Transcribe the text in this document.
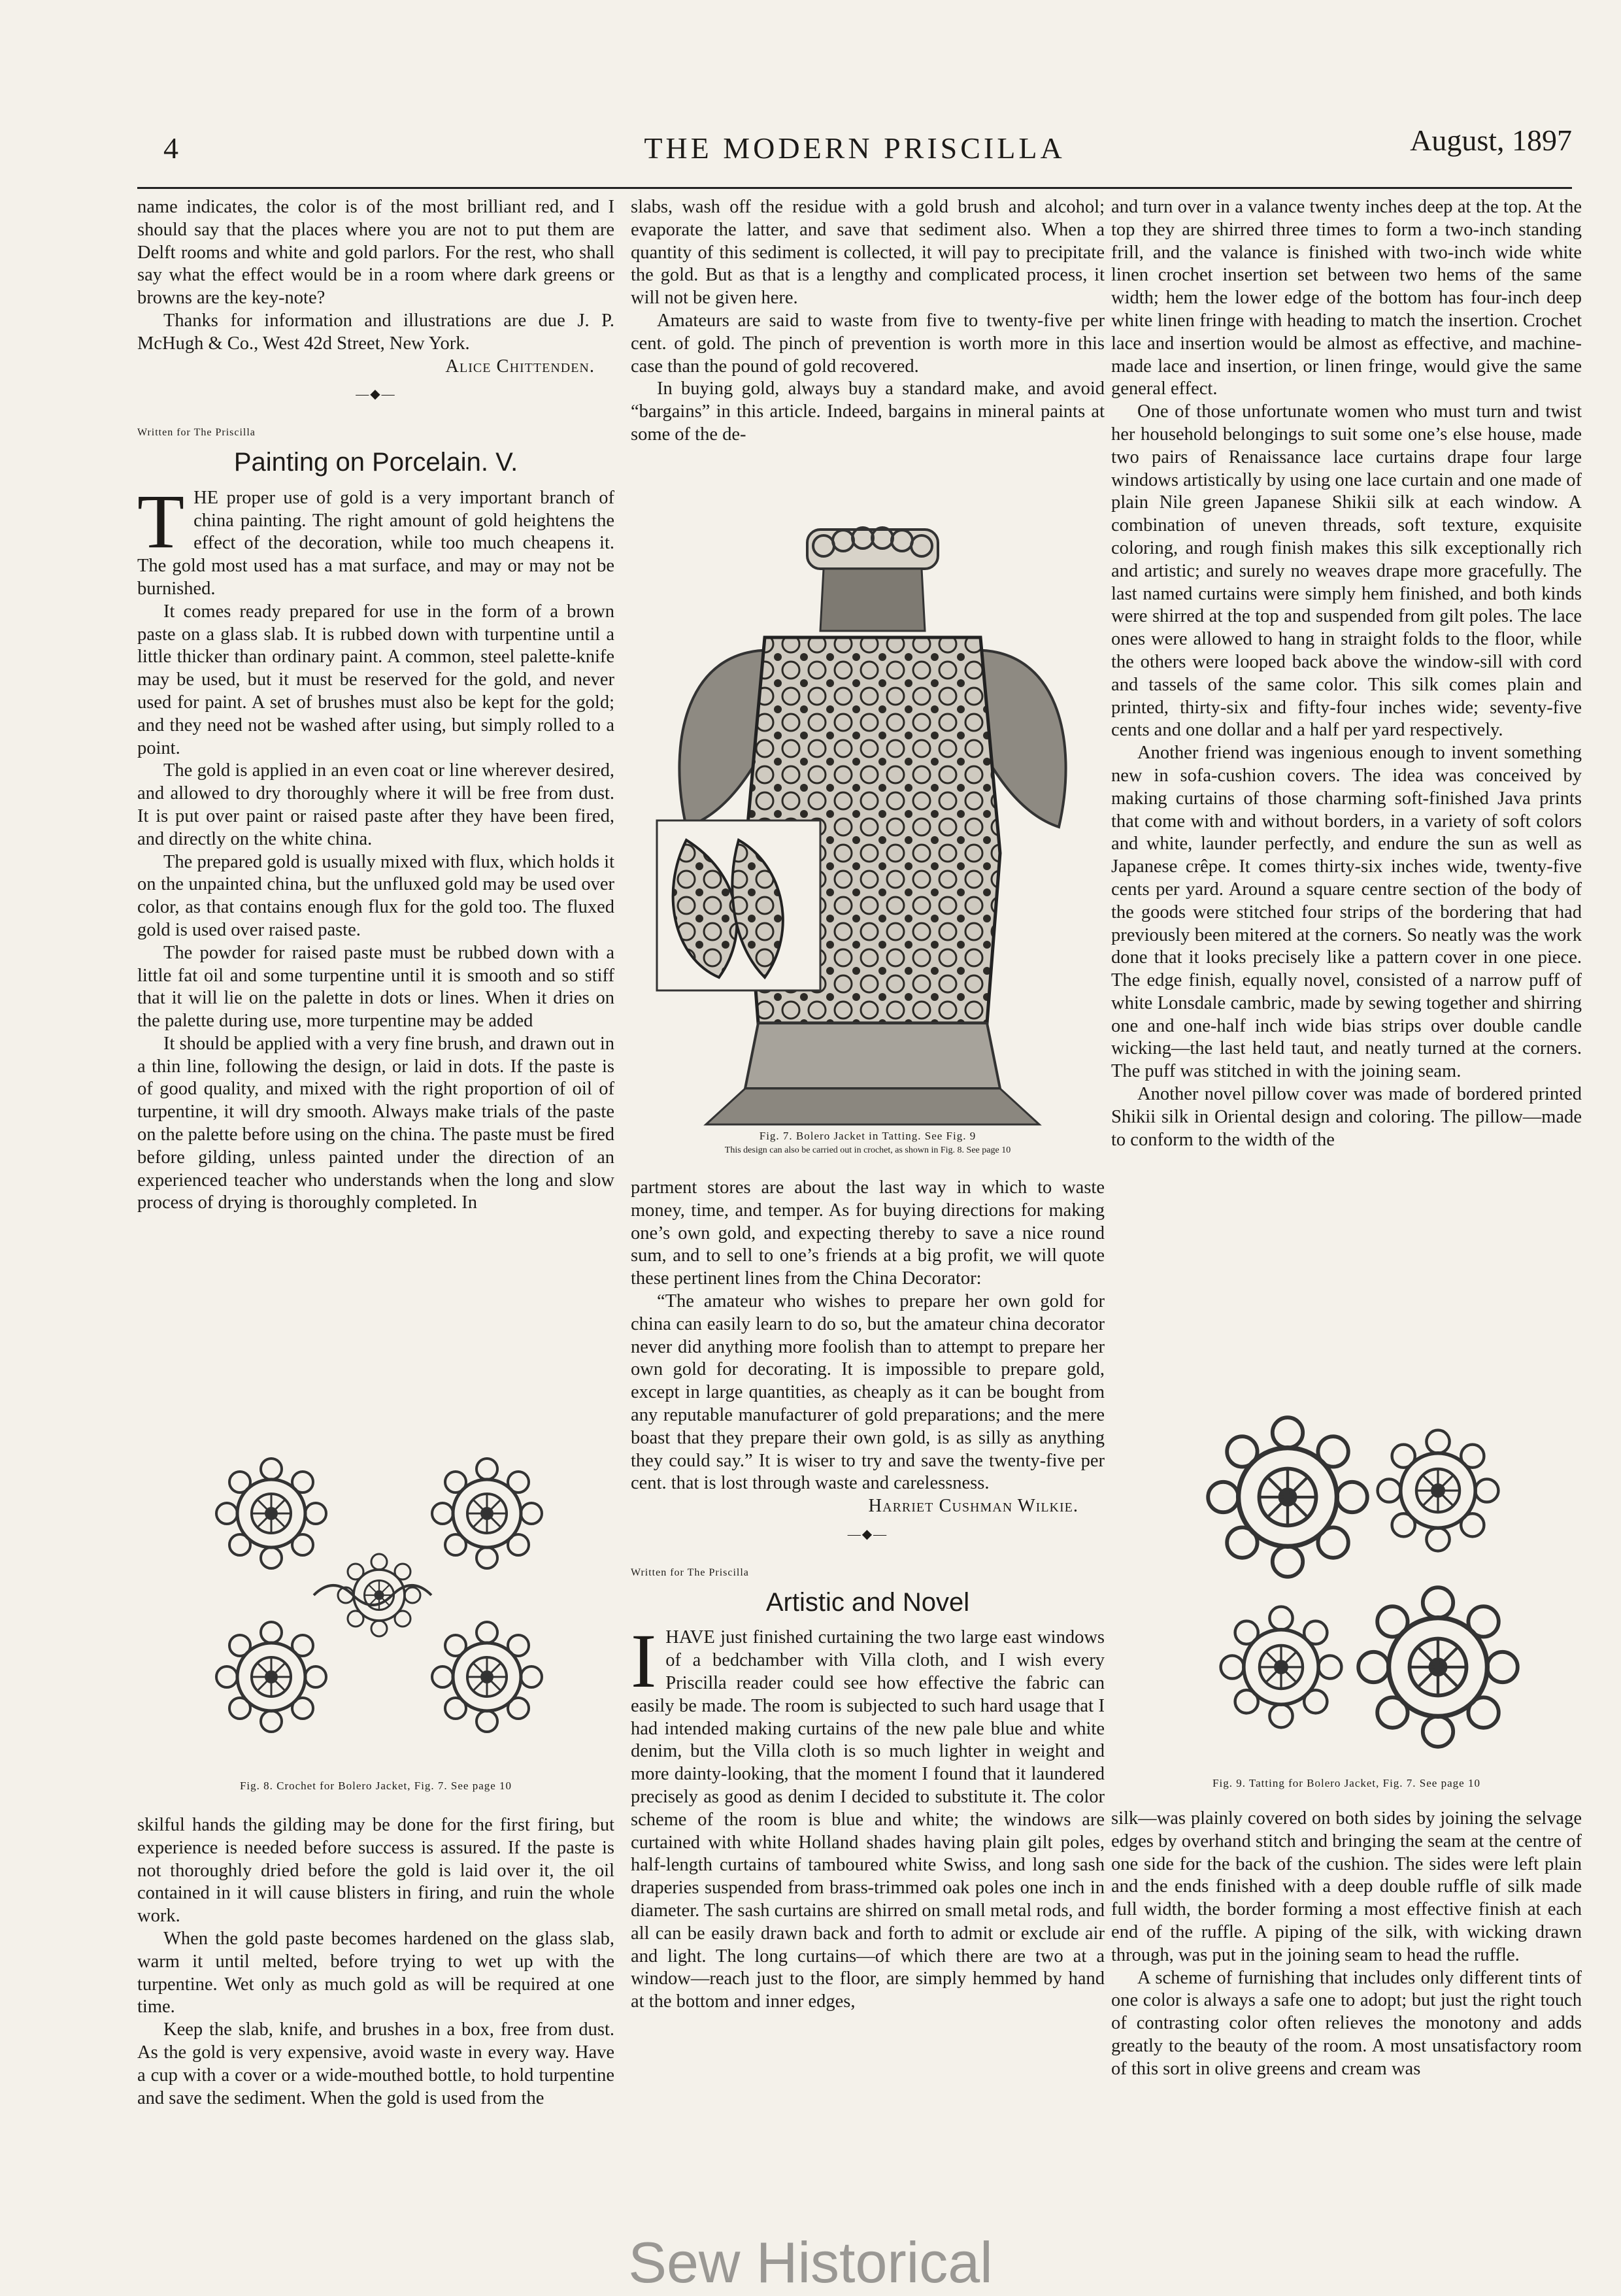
4	THE MODERN PRISCILLA	August, 1897

name indicates, the color is of the most brilliant red, and I should say that the places where you are not to put them are Delft rooms and white and gold parlors. For the rest, who shall say what the effect would be in a room where dark greens or browns are the key-note?

Thanks for information and illustrations are due J. P. McHugh & Co., West 42d Street, New York.

Alice Chittenden.
—◆—
Written for The Priscilla
Painting on Porcelain. V.
T HE proper use of gold is a very important branch of china painting. The right amount of gold heightens the effect of the decoration, while too much cheapens it. The gold most used has a mat surface, and may or may not be burnished.

It comes ready prepared for use in the form of a brown paste on a glass slab. It is rubbed down with turpentine until a little thicker than ordinary paint. A common, steel palette-knife may be used, but it must be reserved for the gold, and never used for paint. A set of brushes must also be kept for the gold; and they need not be washed after using, but simply rolled to a point.

The gold is applied in an even coat or line wherever desired, and allowed to dry thoroughly where it will be free from dust. It is put over paint or raised paste after they have been fired, and directly on the white china.

The prepared gold is usually mixed with flux, which holds it on the unpainted china, but the unfluxed gold may be used over color, as that contains enough flux for the gold too. The fluxed gold is used over raised paste.

The powder for raised paste must be rubbed down with a little fat oil and some turpentine until it is smooth and so stiff that it will lie on the palette in dots or lines. When it dries on the palette during use, more turpentine may be added

It should be applied with a very fine brush, and drawn out in a thin line, following the design, or laid in dots. If the paste is of good quality, and mixed with the right proportion of oil of turpentine, it will dry smooth. Always make trials of the paste on the palette before using on the china. The paste must be fired before gilding, unless painted under the direction of an experienced teacher who understands when the long and slow process of drying is thoroughly completed. In

Fig. 8. Crochet for Bolero Jacket, Fig. 7. See page 10

skilful hands the gilding may be done for the first firing, but experience is needed before success is assured. If the paste is not thoroughly dried before the gold is laid over it, the oil contained in it will cause blisters in firing, and ruin the whole work.

When the gold paste becomes hardened on the glass slab, warm it until melted, before trying to wet up with the turpentine. Wet only as much gold as will be required at one time.

Keep the slab, knife, and brushes in a box, free from dust. As the gold is very expensive, avoid waste in every way. Have a cup with a cover or a wide-mouthed bottle, to hold turpentine and save the sediment. When the gold is used from the

slabs, wash off the residue with a gold brush and alcohol; evaporate the latter, and save that sediment also. When a quantity of this sediment is collected, it will pay to precipitate the gold. But as that is a lengthy and complicated process, it will not be given here.

Amateurs are said to waste from five to twenty-five per cent. of gold. The pinch of prevention is worth more in this case than the pound of gold recovered.

In buying gold, always buy a standard make, and avoid “bargains” in this article. Indeed, bargains in mineral paints at some of the de-

Fig. 7. Bolero Jacket in Tatting. See Fig. 9
This design can also be carried out in crochet, as shown in Fig. 8. See page 10

partment stores are about the last way in which to waste money, time, and temper. As for buying directions for making one’s own gold, and expecting thereby to save a nice round sum, and to sell to one’s friends at a big profit, we will quote these pertinent lines from the China Decorator:

“The amateur who wishes to prepare her own gold for china can easily learn to do so, but the amateur china decorator never did anything more foolish than to attempt to prepare her own gold for decorating. It is impossible to prepare gold, except in large quantities, as cheaply as it can be bought from any reputable manufacturer of gold preparations; and the mere boast that they prepare their own gold, is as silly as anything they could say.” It is wiser to try and save the twenty-five per cent. that is lost through waste and carelessness.

Harriet Cushman Wilkie.
—◆—
Written for The Priscilla
Artistic and Novel
I HAVE just finished curtaining the two large east windows of a bedchamber with Villa cloth, and I wish every Priscilla reader could see how effective the fabric can easily be made. The room is subjected to such hard usage that I had intended making curtains of the new pale blue and white denim, but the Villa cloth is so much lighter in weight and more dainty-looking, that the moment I found that it laundered precisely as good as denim I decided to substitute it. The color scheme of the room is blue and white; the windows are curtained with white Holland shades having plain gilt poles, half-length curtains of tamboured white Swiss, and long sash draperies suspended from brass-trimmed oak poles one inch in diameter. The sash curtains are shirred on small metal rods, and all can be easily drawn back and forth to admit or exclude air and light. The long curtains—of which there are two at a window—reach just to the floor, are simply hemmed by hand at the bottom and inner edges,

and turn over in a valance twenty inches deep at the top. At the top they are shirred three times to form a two-inch standing frill, and the valance is finished with two-inch wide white linen crochet insertion set between two hems of the same width; hem the lower edge of the bottom has four-inch deep white linen fringe with heading to match the insertion. Crochet lace and insertion would be almost as effective, and machine-made lace and insertion, or linen fringe, would give the same general effect.

One of those unfortunate women who must turn and twist her household belongings to suit some one’s else house, made two pairs of Renaissance lace curtains drape four large windows artistically by using one lace curtain and one made of plain Nile green Japanese Shikii silk at each window. A combination of uneven threads, soft texture, exquisite coloring, and rough finish makes this silk exceptionally rich and artistic; and surely no weaves drape more gracefully. The last named curtains were simply hem finished, and both kinds were shirred at the top and suspended from gilt poles. The lace ones were allowed to hang in straight folds to the floor, while the others were looped back above the window-sill with cord and tassels of the same color. This silk comes plain and printed, thirty-six and fifty-four inches wide; seventy-five cents and one dollar and a half per yard respectively.

Another friend was ingenious enough to invent something new in sofa-cushion covers. The idea was conceived by making curtains of those charming soft-finished Java prints that come with and without borders, in a variety of soft colors and white, launder perfectly, and endure the sun as well as Japanese crêpe. It comes thirty-six inches wide, twenty-five cents per yard. Around a square centre section of the body of the goods were stitched four strips of the bordering that had previously been mitered at the corners. So neatly was the work done that it looks precisely like a pattern cover in one piece. The edge finish, equally novel, consisted of a narrow puff of white Lonsdale cambric, made by sewing together and shirring one and one-half inch wide bias strips over double candle wicking—the last held taut, and neatly turned at the corners. The puff was stitched in with the joining seam.

Another novel pillow cover was made of bordered printed Shikii silk in Oriental design and coloring. The pillow—made to conform to the width of the

Fig. 9. Tatting for Bolero Jacket, Fig. 7. See page 10

silk—was plainly covered on both sides by joining the selvage edges by overhand stitch and bringing the seam at the centre of one side for the back of the cushion. The sides were left plain and the ends finished with a deep double ruffle of silk made full width, the border forming a most effective finish at each end of the ruffle. A piping of the silk, with wicking drawn through, was put in the joining seam to head the ruffle.

A scheme of furnishing that includes only different tints of one color is always a safe one to adopt; but just the right touch of contrasting color often relieves the monotony and adds greatly to the beauty of the room. A most unsatisfactory room of this sort in olive greens and cream was

Sew Historical
